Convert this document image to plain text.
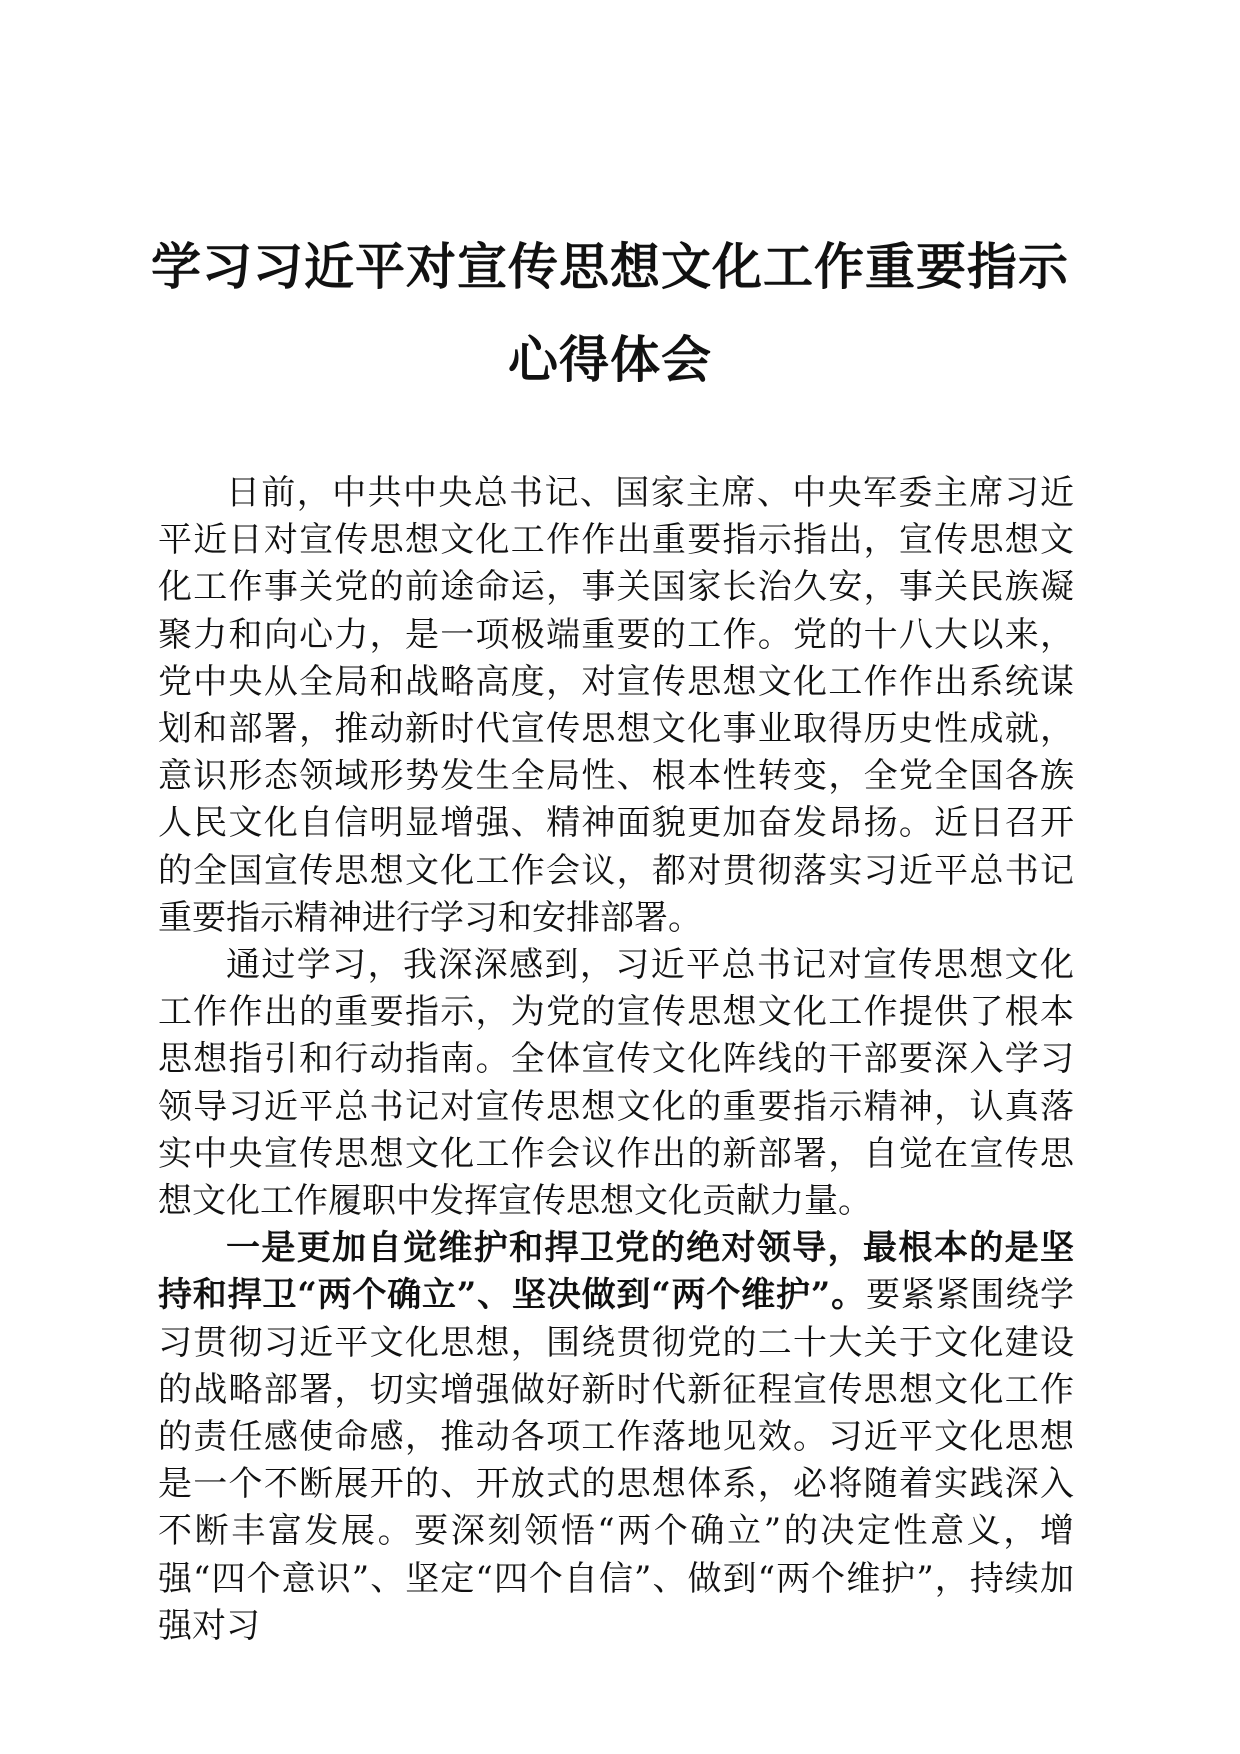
学习习近平对宣传思想文化工作重要指示心得体会

日前，中共中央总书记、国家主席、中央军委主席习近平近日对宣传思想文化工作作出重要指示指出，宣传思想文化工作事关党的前途命运，事关国家长治久安，事关民族凝聚力和向心力，是一项极端重要的工作。党的十八大以来，党中央从全局和战略高度，对宣传思想文化工作作出系统谋划和部署，推动新时代宣传思想文化事业取得历史性成就，意识形态领域形势发生全局性、根本性转变，全党全国各族人民文化自信明显增强、精神面貌更加奋发昂扬。近日召开的全国宣传思想文化工作会议，都对贯彻落实习近平总书记重要指示精神进行学习和安排部署。

通过学习，我深深感到，习近平总书记对宣传思想文化工作作出的重要指示，为党的宣传思想文化工作提供了根本思想指引和行动指南。全体宣传文化阵线的干部要深入学习领导习近平总书记对宣传思想文化的重要指示精神，认真落实中央宣传思想文化工作会议作出的新部署，自觉在宣传思想文化工作履职中发挥宣传思想文化贡献力量。

一是更加自觉维护和捍卫党的绝对领导，最根本的是坚持和捍卫“两个确立”、坚决做到“两个维护”。要紧紧围绕学习贯彻习近平文化思想，围绕贯彻党的二十大关于文化建设的战略部署，切实增强做好新时代新征程宣传思想文化工作的责任感使命感，推动各项工作落地见效。习近平文化思想是一个不断展开的、开放式的思想体系，必将随着实践深入不断丰富发展。要深刻领悟“两个确立”的决定性意义，增强“四个意识”、坚定“四个自信”、做到“两个维护”，持续加强对习
